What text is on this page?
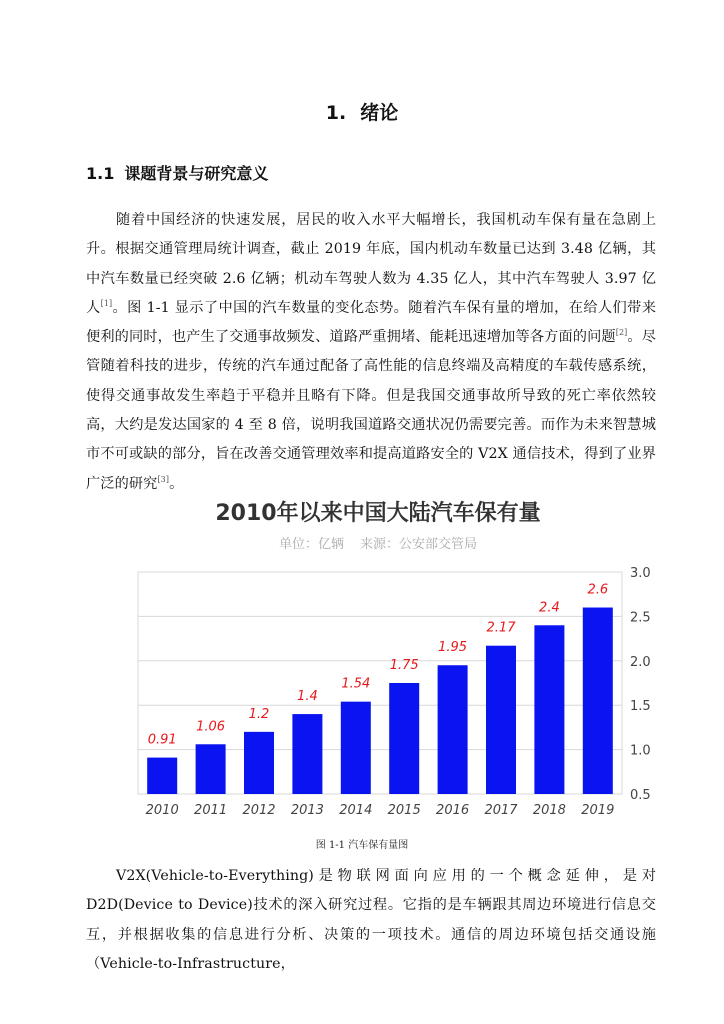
1. 绪论
1.1 课题背景与研究意义
随着中国经济的快速发展，居民的收入水平大幅增长，我国机动车保有量在急剧上升。根据交通管理局统计调查，截止 2019 年底，国内机动车数量已达到 3.48 亿辆，其中汽车数量已经突破 2.6 亿辆；机动车驾驶人数为 4.35 亿人，其中汽车驾驶人 3.97 亿人[1]。图 1-1 显示了中国的汽车数量的变化态势。随着汽车保有量的增加，在给人们带来便利的同时，也产生了交通事故频发、道路严重拥堵、能耗迅速增加等各方面的问题[2]。尽管随着科技的进步，传统的汽车通过配备了高性能的信息终端及高精度的车载传感系统，使得交通事故发生率趋于平稳并且略有下降。但是我国交通事故所导致的死亡率依然较高，大约是发达国家的 4 至 8 倍，说明我国道路交通状况仍需要完善。而作为未来智慧城市不可或缺的部分，旨在改善交通管理效率和提高道路安全的 V2X 通信技术，得到了业界广泛的研究[3]。
2010年以来中国大陆汽车保有量
单位：亿辆 来源：公安部交管局
0.5
1.0
1.5
2.0
2.5
3.0
0.91
2010
1.06
2011
1.2
2012
1.4
2013
1.54
2014
1.75
2015
1.95
2016
2.17
2017
2.4
2018
2.6
2019
图 1-1 汽车保有量图
V2X(Vehicle-to-Everything)是物联网面向应用的一个概念延伸，是对 D2D(Device to Device)技术的深入研究过程。它指的是车辆跟其周边环境进行信息交互，并根据收集的信息进行分析、决策的一项技术。通信的周边环境包括交通设施（Vehicle-to-Infrastructure，
